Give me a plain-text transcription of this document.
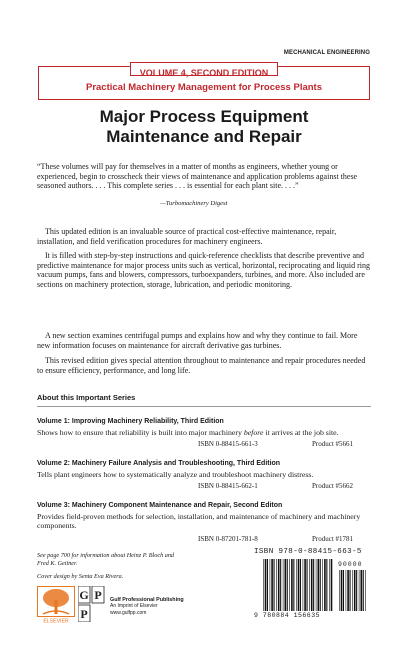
MECHANICAL ENGINEERING
VOLUME 4, SECOND EDITION
Practical Machinery Management for Process Plants
Major Process Equipment
Maintenance and Repair
“These volumes will pay for themselves in a matter of months as engineers, whether young or experienced, begin to crosscheck their views of maintenance and application problems against these seasoned authors. . . . This complete series . . . is essential for each plant site. . . .”
—Turbomachinery Digest
This updated edition is an invaluable source of practical cost-effective maintenance, repair, installation, and field verification procedures for machinery engineers.
It is filled with step-by-step instructions and quick-reference checklists that describe preventive and predictive maintenance for major process units such as vertical, horizontal, reciprocating and liquid ring vacuum pumps, fans and blowers, compressors, turboexpanders, turbines, and more. Also included are sections on machinery protection, storage, lubrication, and periodic monitoring.
A new section examines centrifugal pumps and explains how and why they continue to fail. More new information focuses on maintenance for aircraft derivative gas turbines.
This revised edition gives special attention throughout to maintenance and repair procedures needed to ensure efficiency, performance, and long life.
About this Important Series
Volume 1: Improving Machinery Reliability, Third Edition
Shows how to ensure that reliability is built into major machinery before it arrives at the job site.
ISBN 0-88415-661-3	Product #5661
Volume 2: Machinery Failure Analysis and Troubleshooting, Third Edition
Tells plant engineers how to systematically analyze and troubleshoot machinery distress.
ISBN 0-88415-662-1	Product #5662
Volume 3: Machinery Component Maintenance and Repair, Second Editon
Provides field-proven methods for selection, installation, and maintenance of machinery and machinery components.
ISBN 0-87201-781-8	Product #1781
See page 700 for information about Heinz P. Bloch and Fred K. Geitner.
Cover design by Senta Eva Rivera.
ELSEVIER
G P
P
Gulf Professional Publishing
An Imprint of Elsevier
www.gulfpp.com
ISBN 978-0-88415-663-5
90000
9 780884 156635
